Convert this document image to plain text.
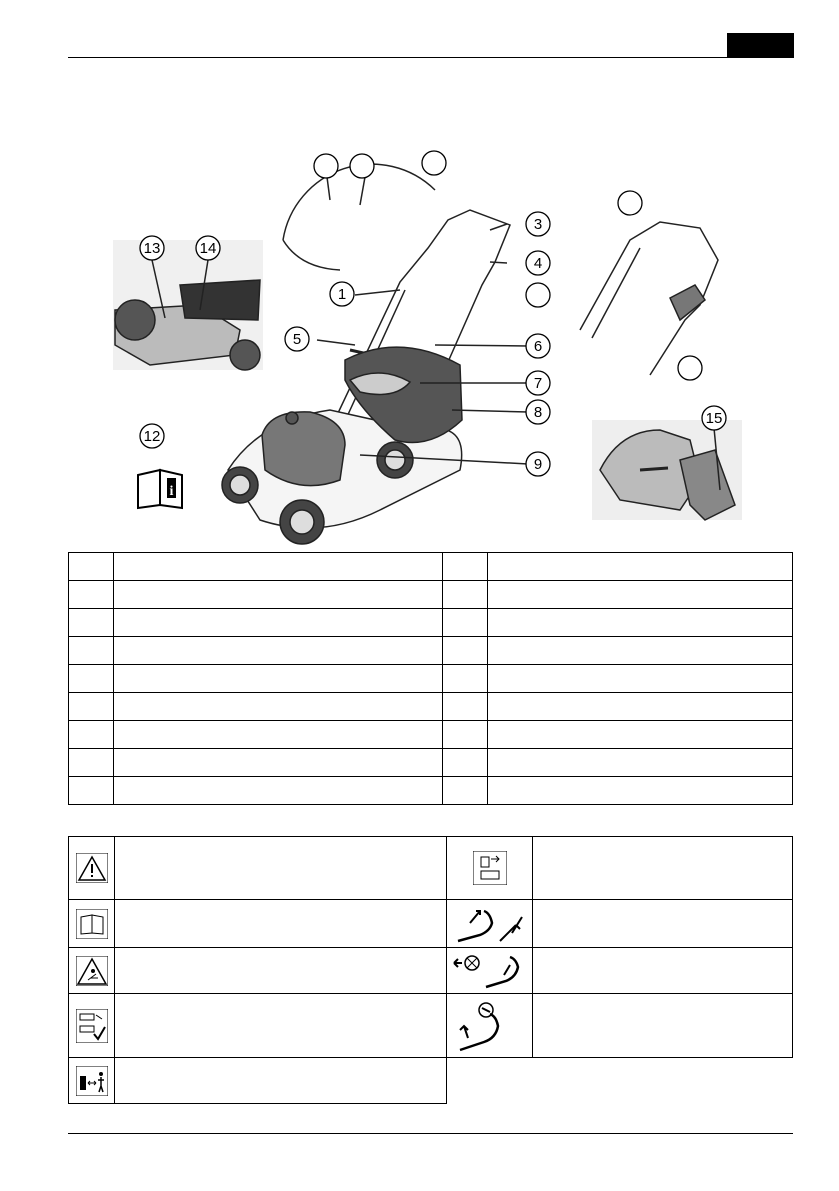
i
1
3
4
5	6
7
8
9
12
13	14
15
